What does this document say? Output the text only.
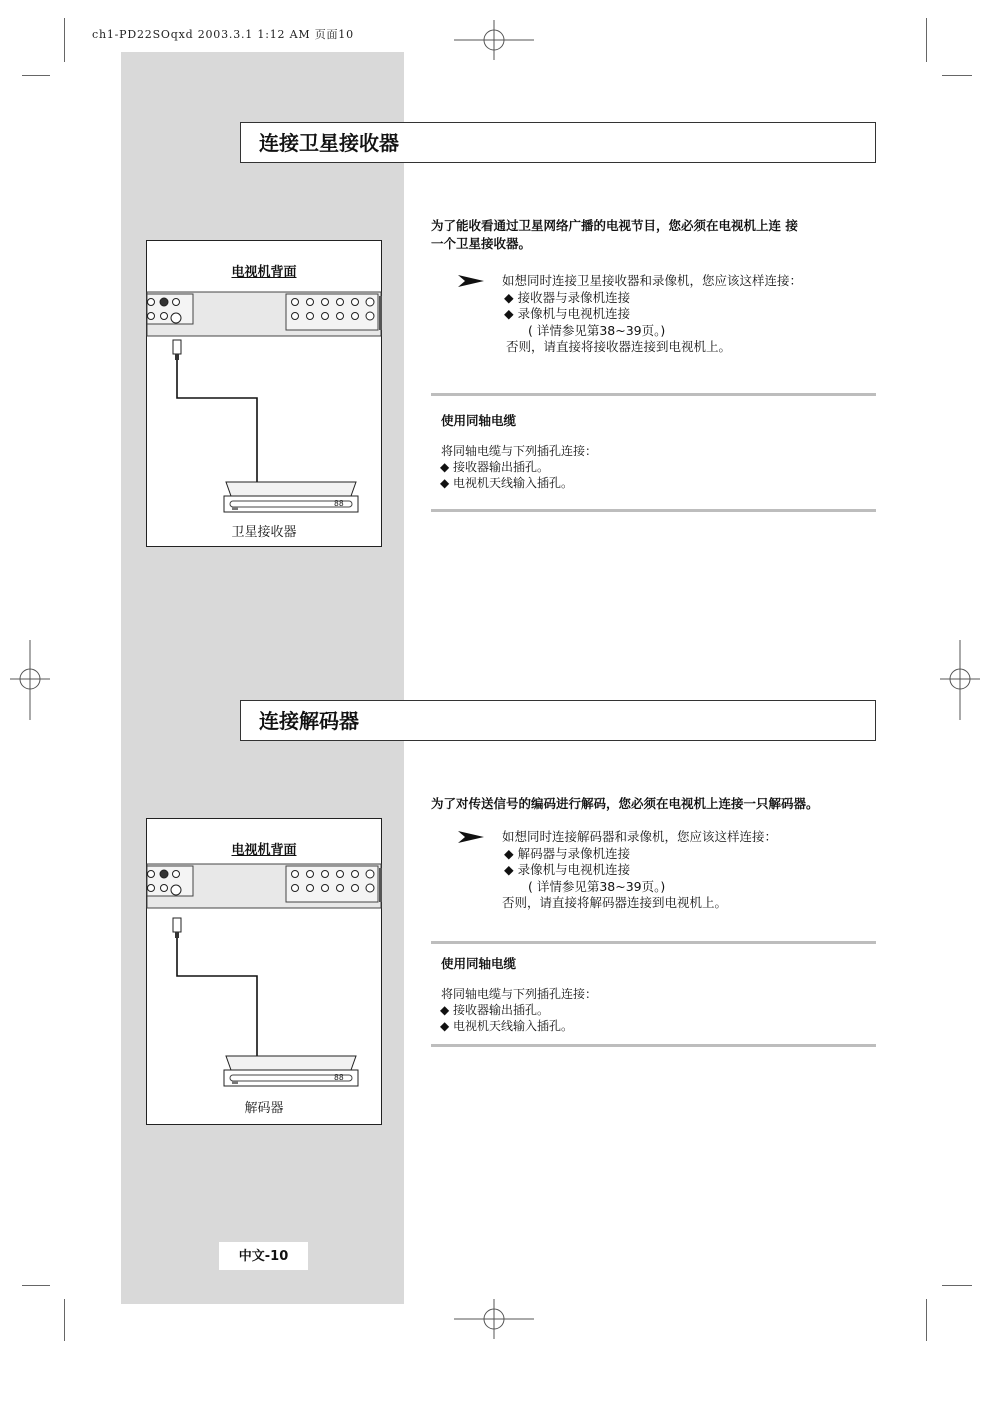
ch1-PD22SOqxd 2003.3.1 1:12 AM 页面10
连接卫星接收器
为了能收看通过卫星网络广播的电视节目，您必须在电视机上连 接
一个卫星接收器。
如想同时连接卫星接收器和录像机，您应该这样连接：
◆ 接收器与录像机连接
◆ 录像机与电视机连接
( 详情参见第38~39页。)
否则，请直接将接收器连接到电视机上。
使用同轴电缆
将同轴电缆与下列插孔连接：
◆ 接收器输出插孔。
◆ 电视机天线输入插孔。
88
电视机背面
卫星接收器
连接解码器
为了对传送信号的编码进行解码，您必须在电视机上连接一只解码器。
如想同时连接解码器和录像机，您应该这样连接：
◆ 解码器与录像机连接
◆ 录像机与电视机连接
( 详情参见第38~39页。)
否则，请直接将解码器连接到电视机上。
使用同轴电缆
将同轴电缆与下列插孔连接：
◆ 接收器输出插孔。
◆ 电视机天线输入插孔。
88
电视机背面
解码器
中文-10
